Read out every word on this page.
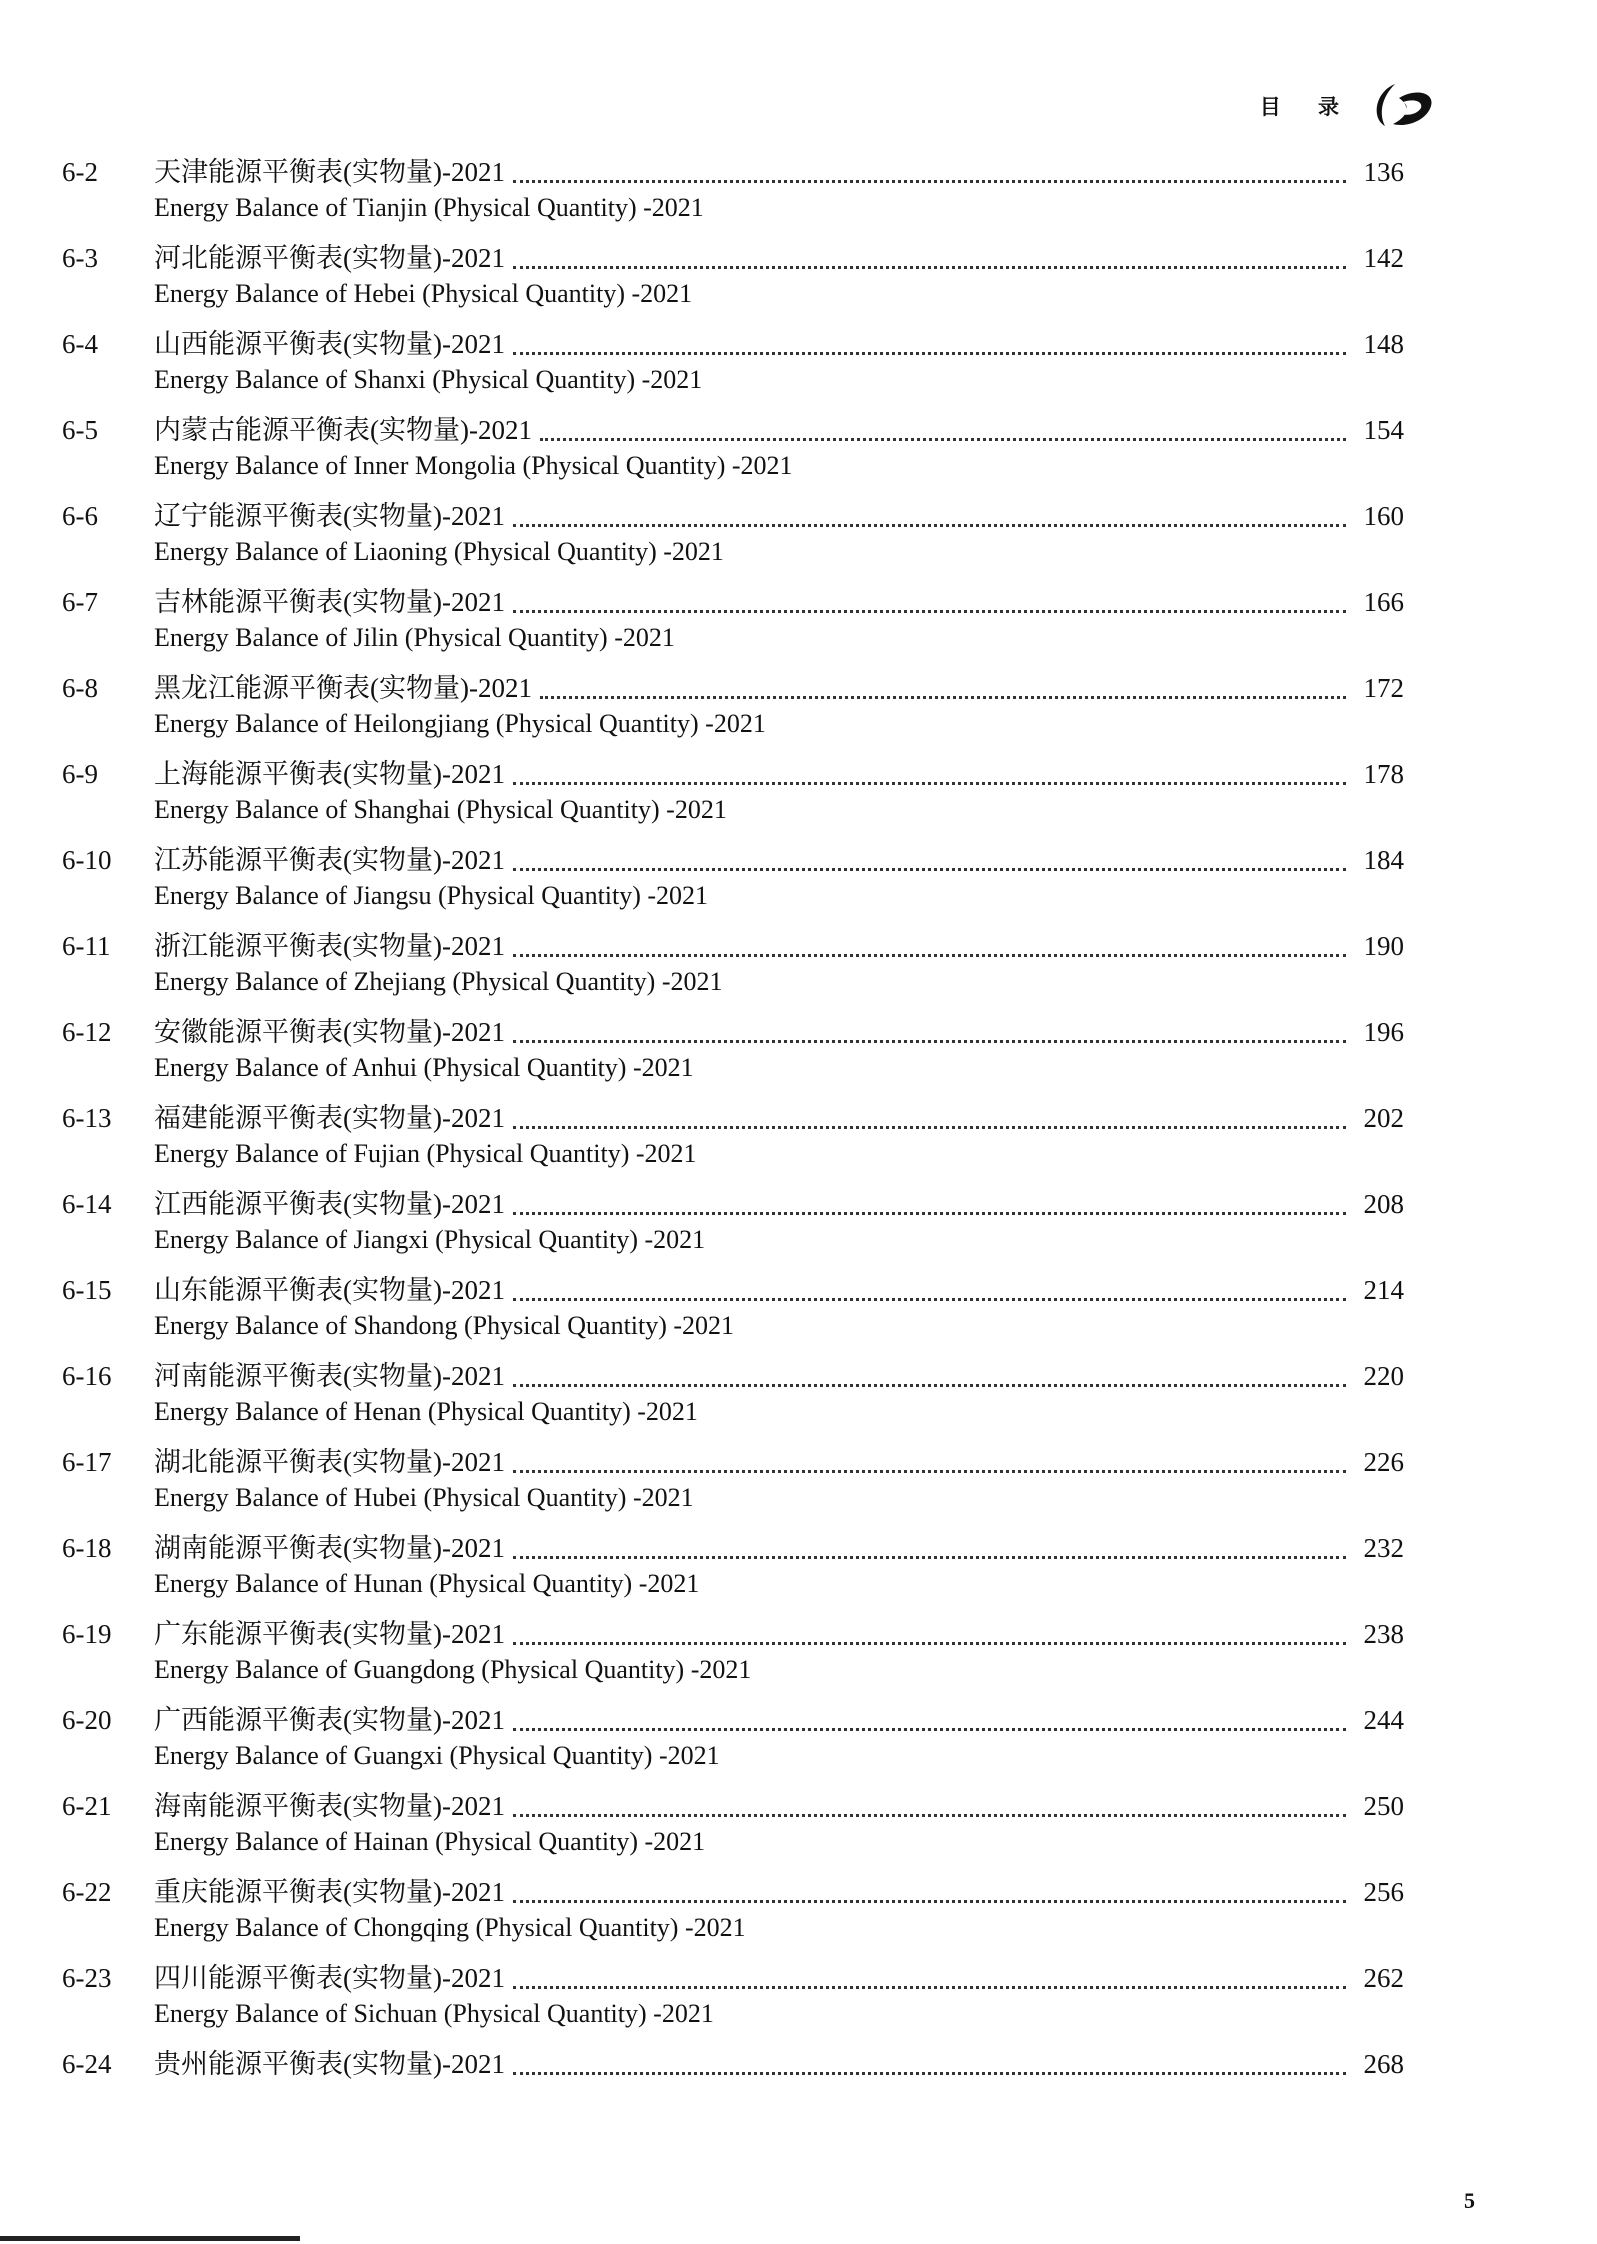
目 录
6-2	天津能源平衡表(实物量)-2021	136
Energy Balance of Tianjin (Physical Quantity) -2021
6-3	河北能源平衡表(实物量)-2021	142
Energy Balance of Hebei (Physical Quantity) -2021
6-4	山西能源平衡表(实物量)-2021	148
Energy Balance of Shanxi (Physical Quantity) -2021
6-5	内蒙古能源平衡表(实物量)-2021	154
Energy Balance of Inner Mongolia (Physical Quantity) -2021
6-6	辽宁能源平衡表(实物量)-2021	160
Energy Balance of Liaoning (Physical Quantity) -2021
6-7	吉林能源平衡表(实物量)-2021	166
Energy Balance of Jilin (Physical Quantity) -2021
6-8	黑龙江能源平衡表(实物量)-2021	172
Energy Balance of Heilongjiang (Physical Quantity) -2021
6-9	上海能源平衡表(实物量)-2021	178
Energy Balance of Shanghai (Physical Quantity) -2021
6-10	江苏能源平衡表(实物量)-2021	184
Energy Balance of Jiangsu (Physical Quantity) -2021
6-11	浙江能源平衡表(实物量)-2021	190
Energy Balance of Zhejiang (Physical Quantity) -2021
6-12	安徽能源平衡表(实物量)-2021	196
Energy Balance of Anhui (Physical Quantity) -2021
6-13	福建能源平衡表(实物量)-2021	202
Energy Balance of Fujian (Physical Quantity) -2021
6-14	江西能源平衡表(实物量)-2021	208
Energy Balance of Jiangxi (Physical Quantity) -2021
6-15	山东能源平衡表(实物量)-2021	214
Energy Balance of Shandong (Physical Quantity) -2021
6-16	河南能源平衡表(实物量)-2021	220
Energy Balance of Henan (Physical Quantity) -2021
6-17	湖北能源平衡表(实物量)-2021	226
Energy Balance of Hubei (Physical Quantity) -2021
6-18	湖南能源平衡表(实物量)-2021	232
Energy Balance of Hunan (Physical Quantity) -2021
6-19	广东能源平衡表(实物量)-2021	238
Energy Balance of Guangdong (Physical Quantity) -2021
6-20	广西能源平衡表(实物量)-2021	244
Energy Balance of Guangxi (Physical Quantity) -2021
6-21	海南能源平衡表(实物量)-2021	250
Energy Balance of Hainan (Physical Quantity) -2021
6-22	重庆能源平衡表(实物量)-2021	256
Energy Balance of Chongqing (Physical Quantity) -2021
6-23	四川能源平衡表(实物量)-2021	262
Energy Balance of Sichuan (Physical Quantity) -2021
6-24	贵州能源平衡表(实物量)-2021	268
5
